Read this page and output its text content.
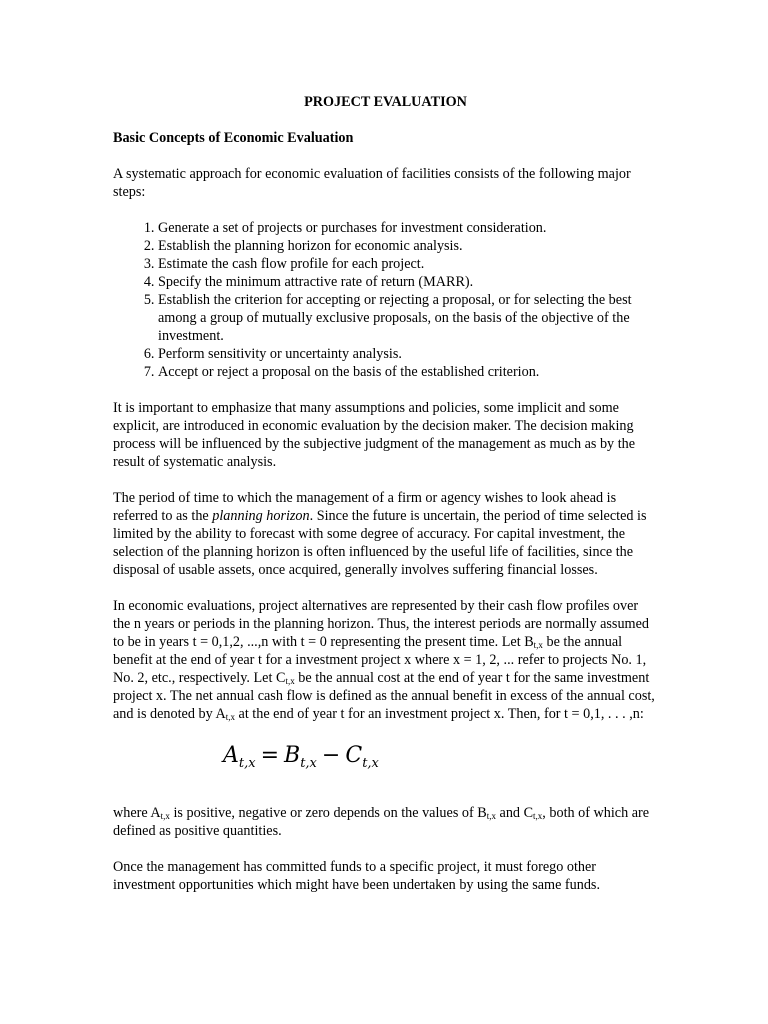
PROJECT EVALUATION
Basic Concepts of Economic Evaluation

A systematic approach for economic evaluation of facilities consists of the following major steps:

1. Generate a set of projects or purchases for investment consideration.
2. Establish the planning horizon for economic analysis.
3. Estimate the cash flow profile for each project.
4. Specify the minimum attractive rate of return (MARR).
5. Establish the criterion for accepting or rejecting a proposal, or for selecting the best among a group of mutually exclusive proposals, on the basis of the objective of the investment.
6. Perform sensitivity or uncertainty analysis.
7. Accept or reject a proposal on the basis of the established criterion.

It is important to emphasize that many assumptions and policies, some implicit and some explicit, are introduced in economic evaluation by the decision maker. The decision making process will be influenced by the subjective judgment of the management as much as by the result of systematic analysis.

The period of time to which the management of a firm or agency wishes to look ahead is referred to as the planning horizon. Since the future is uncertain, the period of time selected is limited by the ability to forecast with some degree of accuracy. For capital investment, the selection of the planning horizon is often influenced by the useful life of facilities, since the disposal of usable assets, once acquired, generally involves suffering financial losses.

In economic evaluations, project alternatives are represented by their cash flow profiles over the n years or periods in the planning horizon. Thus, the interest periods are normally assumed to be in years t = 0,1,2, ...,n with t = 0 representing the present time. Let $B_{t,x}$ be the annual benefit at the end of year t for a investment project x where x = 1, 2, ... refer to projects No. 1, No. 2, etc., respectively. Let $C_{t,x}$ be the annual cost at the end of year t for the same investment project x. The net annual cash flow is defined as the annual benefit in excess of the annual cost, and is denoted by $A_{t,x}$ at the end of year t for an investment project x. Then, for t = 0,1, . . . ,n:

$A_{t,x} = B_{t,x} - C_{t,x}$

where $A_{t,x}$ is positive, negative or zero depends on the values of $B_{t,x}$ and $C_{t,x}$, both of which are defined as positive quantities.

Once the management has committed funds to a specific project, it must forego other investment opportunities which might have been undertaken by using the same funds.
